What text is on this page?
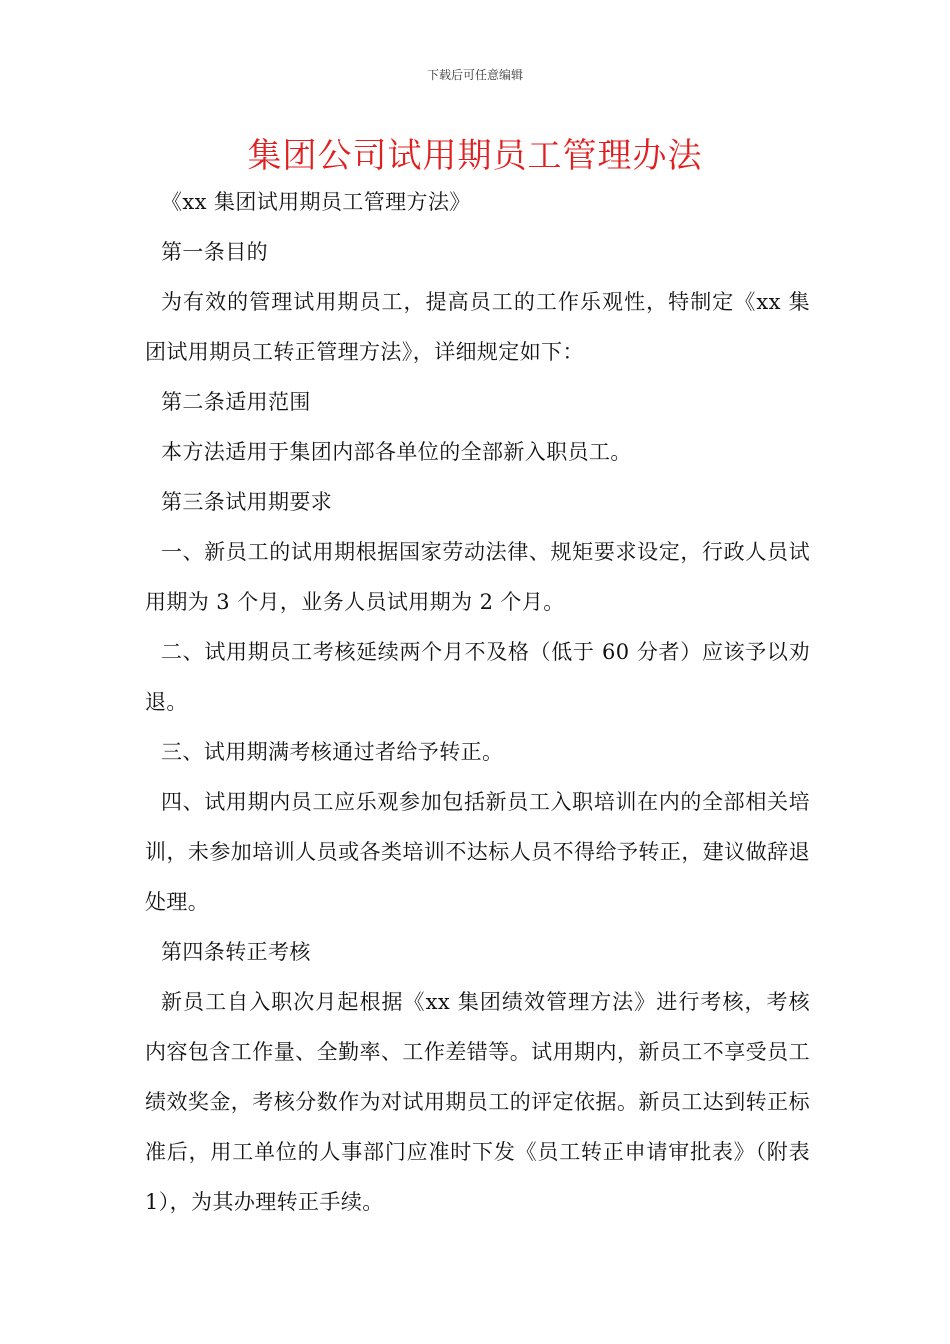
下载后可任意编辑
集团公司试用期员工管理办法

《xx 集团试用期员工管理方法》

第一条目的

为有效的管理试用期员工，提高员工的工作乐观性，特制定《xx 集团试用期员工转正管理方法》，详细规定如下：

第二条适用范围

本方法适用于集团内部各单位的全部新入职员工。

第三条试用期要求

一、新员工的试用期根据国家劳动法律、规矩要求设定，行政人员试用期为 3 个月，业务人员试用期为 2 个月。

二、试用期员工考核延续两个月不及格（低于 60 分者）应该予以劝退。

三、试用期满考核通过者给予转正。

四、试用期内员工应乐观参加包括新员工入职培训在内的全部相关培训，未参加培训人员或各类培训不达标人员不得给予转正，建议做辞退处理。

第四条转正考核

新员工自入职次月起根据《xx 集团绩效管理方法》进行考核，考核内容包含工作量、全勤率、工作差错等。试用期内，新员工不享受员工绩效奖金，考核分数作为对试用期员工的评定依据。新员工达到转正标准后，用工单位的人事部门应准时下发《员工转正申请审批表》（附表 1），为其办理转正手续。
